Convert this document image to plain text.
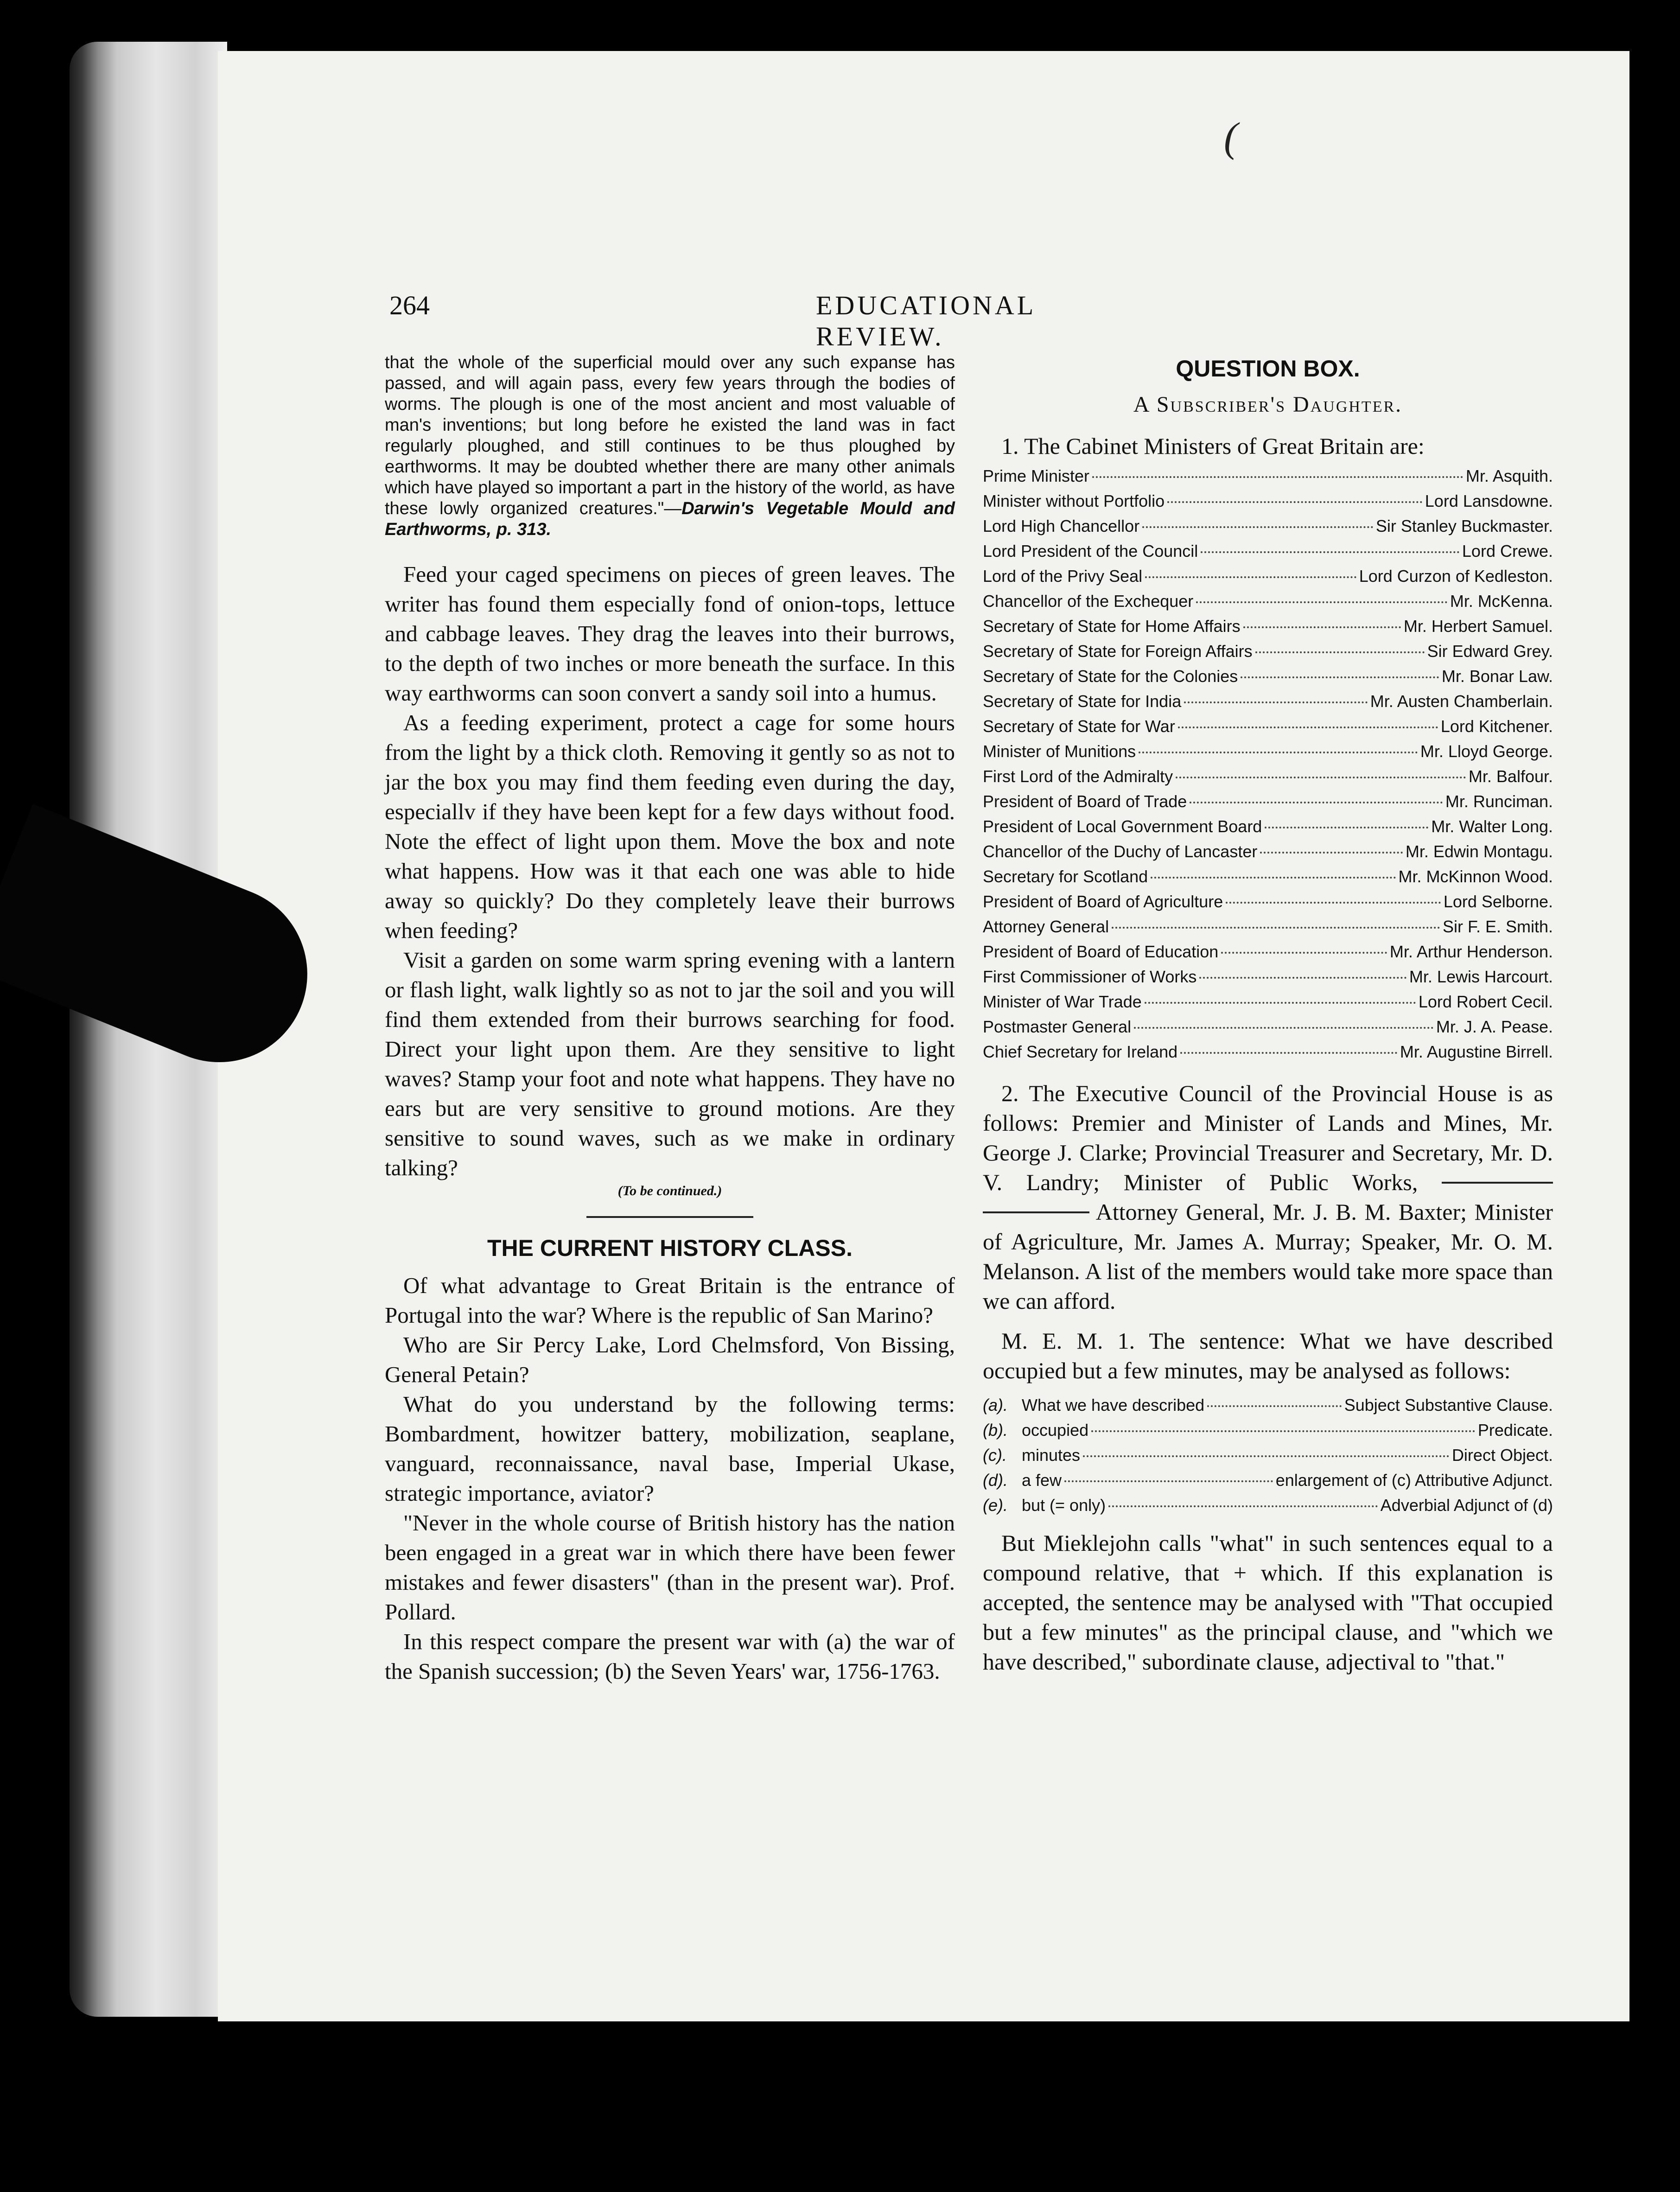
(
264	EDUCATIONAL REVIEW.

that the whole of the superficial mould over any such expanse has passed, and will again pass, every few years through the bodies of worms. The plough is one of the most ancient and most valuable of man's inventions; but long before he existed the land was in fact regularly ploughed, and still continues to be thus ploughed by earthworms. It may be doubted whether there are many other animals which have played so important a part in the history of the world, as have these lowly organized creatures."—Darwin's Vegetable Mould and Earthworms, p. 313.

Feed your caged specimens on pieces of green leaves. The writer has found them especially fond of onion-tops, lettuce and cabbage leaves. They drag the leaves into their burrows, to the depth of two inches or more beneath the surface. In this way earthworms can soon convert a sandy soil into a humus.

As a feeding experiment, protect a cage for some hours from the light by a thick cloth. Removing it gently so as not to jar the box you may find them feeding even during the day, especiallv if they have been kept for a few days without food. Note the effect of light upon them. Move the box and note what happens. How was it that each one was able to hide away so quickly? Do they completely leave their burrows when feeding?

Visit a garden on some warm spring evening with a lantern or flash light, walk lightly so as not to jar the soil and you will find them extended from their burrows searching for food. Direct your light upon them. Are they sensitive to light waves? Stamp your foot and note what happens. They have no ears but are very sensitive to ground motions. Are they sensitive to sound waves, such as we make in ordinary talking?

(To be continued.)

THE CURRENT HISTORY CLASS.

Of what advantage to Great Britain is the entrance of Portugal into the war? Where is the republic of San Marino?

Who are Sir Percy Lake, Lord Chelmsford, Von Bissing, General Petain?

What do you understand by the following terms: Bombardment, howitzer battery, mobilization, seaplane, vanguard, reconnaissance, naval base, Imperial Ukase, strategic importance, aviator?

"Never in the whole course of British history has the nation been engaged in a great war in which there have been fewer mistakes and fewer disasters" (than in the present war). Prof. Pollard.

In this respect compare the present war with (a) the war of the Spanish succession; (b) the Seven Years' war, 1756-1763.

QUESTION BOX.
A Subscriber's Daughter.

1. The Cabinet Ministers of Great Britain are:

Prime Minister	Mr. Asquith.
Minister without Portfolio	Lord Lansdowne.
Lord High Chancellor	Sir Stanley Buckmaster.
Lord President of the Council	Lord Crewe.
Lord of the Privy Seal	Lord Curzon of Kedleston.
Chancellor of the Exchequer	Mr. McKenna.
Secretary of State for Home Affairs	Mr. Herbert Samuel.
Secretary of State for Foreign Affairs	Sir Edward Grey.
Secretary of State for the Colonies	Mr. Bonar Law.
Secretary of State for India	Mr. Austen Chamberlain.
Secretary of State for War	Lord Kitchener.
Minister of Munitions	Mr. Lloyd George.
First Lord of the Admiralty	Mr. Balfour.
President of Board of Trade	Mr. Runciman.
President of Local Government Board	Mr. Walter Long.
Chancellor of the Duchy of Lancaster	Mr. Edwin Montagu.
Secretary for Scotland	Mr. McKinnon Wood.
President of Board of Agriculture	Lord Selborne.
Attorney General	Sir F. E. Smith.
President of Board of Education	Mr. Arthur Henderson.
First Commissioner of Works	Mr. Lewis Harcourt.
Minister of War Trade	Lord Robert Cecil.
Postmaster General	Mr. J. A. Pease.
Chief Secretary for Ireland	Mr. Augustine Birrell.

2. The Executive Council of the Provincial House is as follows: Premier and Minister of Lands and Mines, Mr. George J. Clarke; Provincial Treasurer and Secretary, Mr. D. V. Landry; Minister of Public Works,   Attorney General, Mr. J. B. M. Baxter; Minister of Agriculture, Mr. James A. Murray; Speaker, Mr. O. M. Melanson. A list of the members would take more space than we can afford.

M. E. M. 1. The sentence: What we have described occupied but a few minutes, may be analysed as follows:

(a). What we have described	Subject Substantive Clause.
(b). occupied	Predicate.
(c). minutes	Direct Object.
(d). a few	enlargement of (c) Attributive Adjunct.
(e). but (= only)	Adverbial Adjunct of (d)

But Mieklejohn calls "what" in such sentences equal to a compound relative, that + which. If this explanation is accepted, the sentence may be analysed with "That occupied but a few minutes" as the principal clause, and "which we have described," subordinate clause, adjectival to "that."
